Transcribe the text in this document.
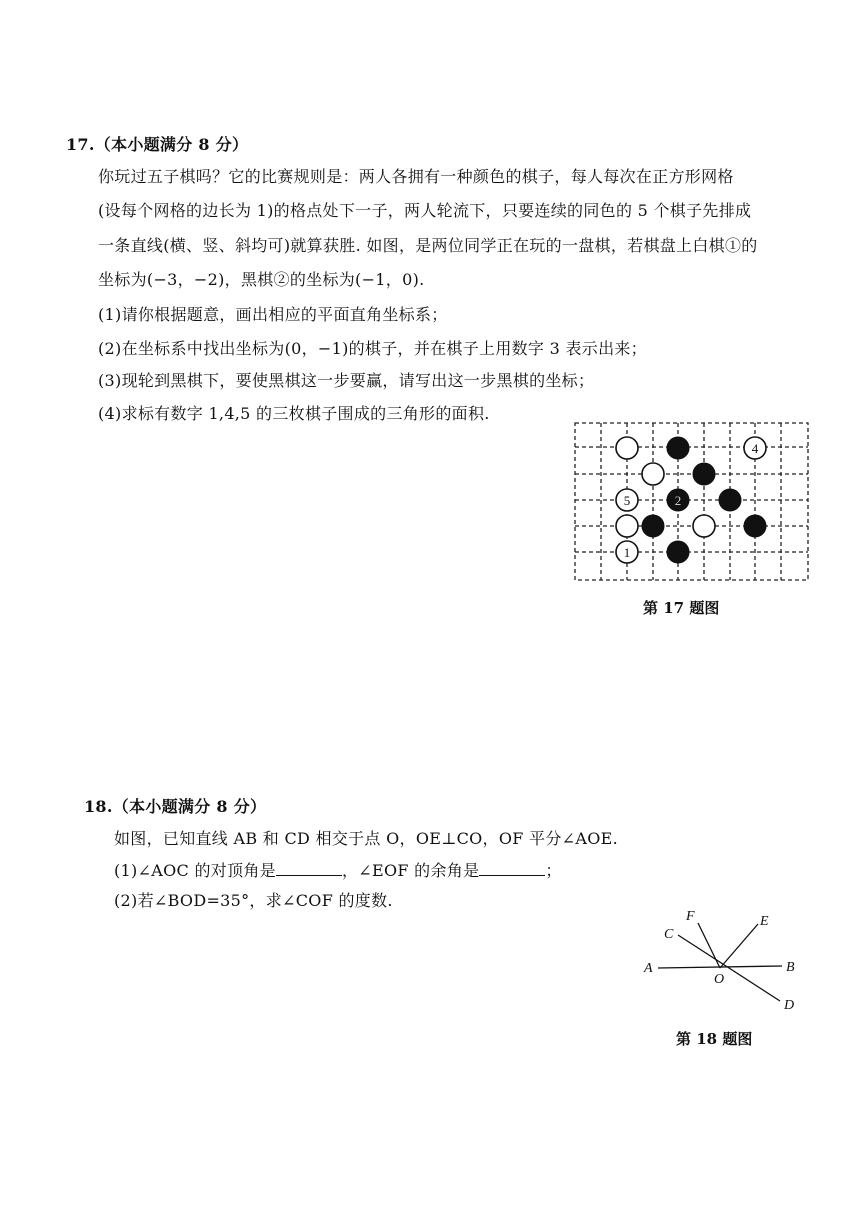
17.（本小题满分 8 分）
你玩过五子棋吗？它的比赛规则是：两人各拥有一种颜色的棋子，每人每次在正方形网格
(设每个网格的边长为 1)的格点处下一子，两人轮流下，只要连续的同色的 5 个棋子先排成
一条直线(横、竖、斜均可)就算获胜. 如图，是两位同学正在玩的一盘棋，若棋盘上白棋①的
坐标为(−3，−2)，黑棋②的坐标为(−1，0).
(1)请你根据题意，画出相应的平面直角坐标系；
(2)在坐标系中找出坐标为(0，−1)的棋子，并在棋子上用数字 3 表示出来；
(3)现轮到黑棋下，要使黑棋这一步要赢，请写出这一步黑棋的坐标；
(4)求标有数字 1,4,5 的三枚棋子围成的三角形的面积.
4
2
5
1
第 17 题图
18.（本小题满分 8 分）
如图，已知直线 AB 和 CD 相交于点 O，OE⊥CO，OF 平分∠AOE.
(1)∠AOC 的对顶角是	，∠EOF 的余角是	；
(2)若∠BOD=35°，求∠COF 的度数.
A	B
C
D
E
F
O
第 18 题图
